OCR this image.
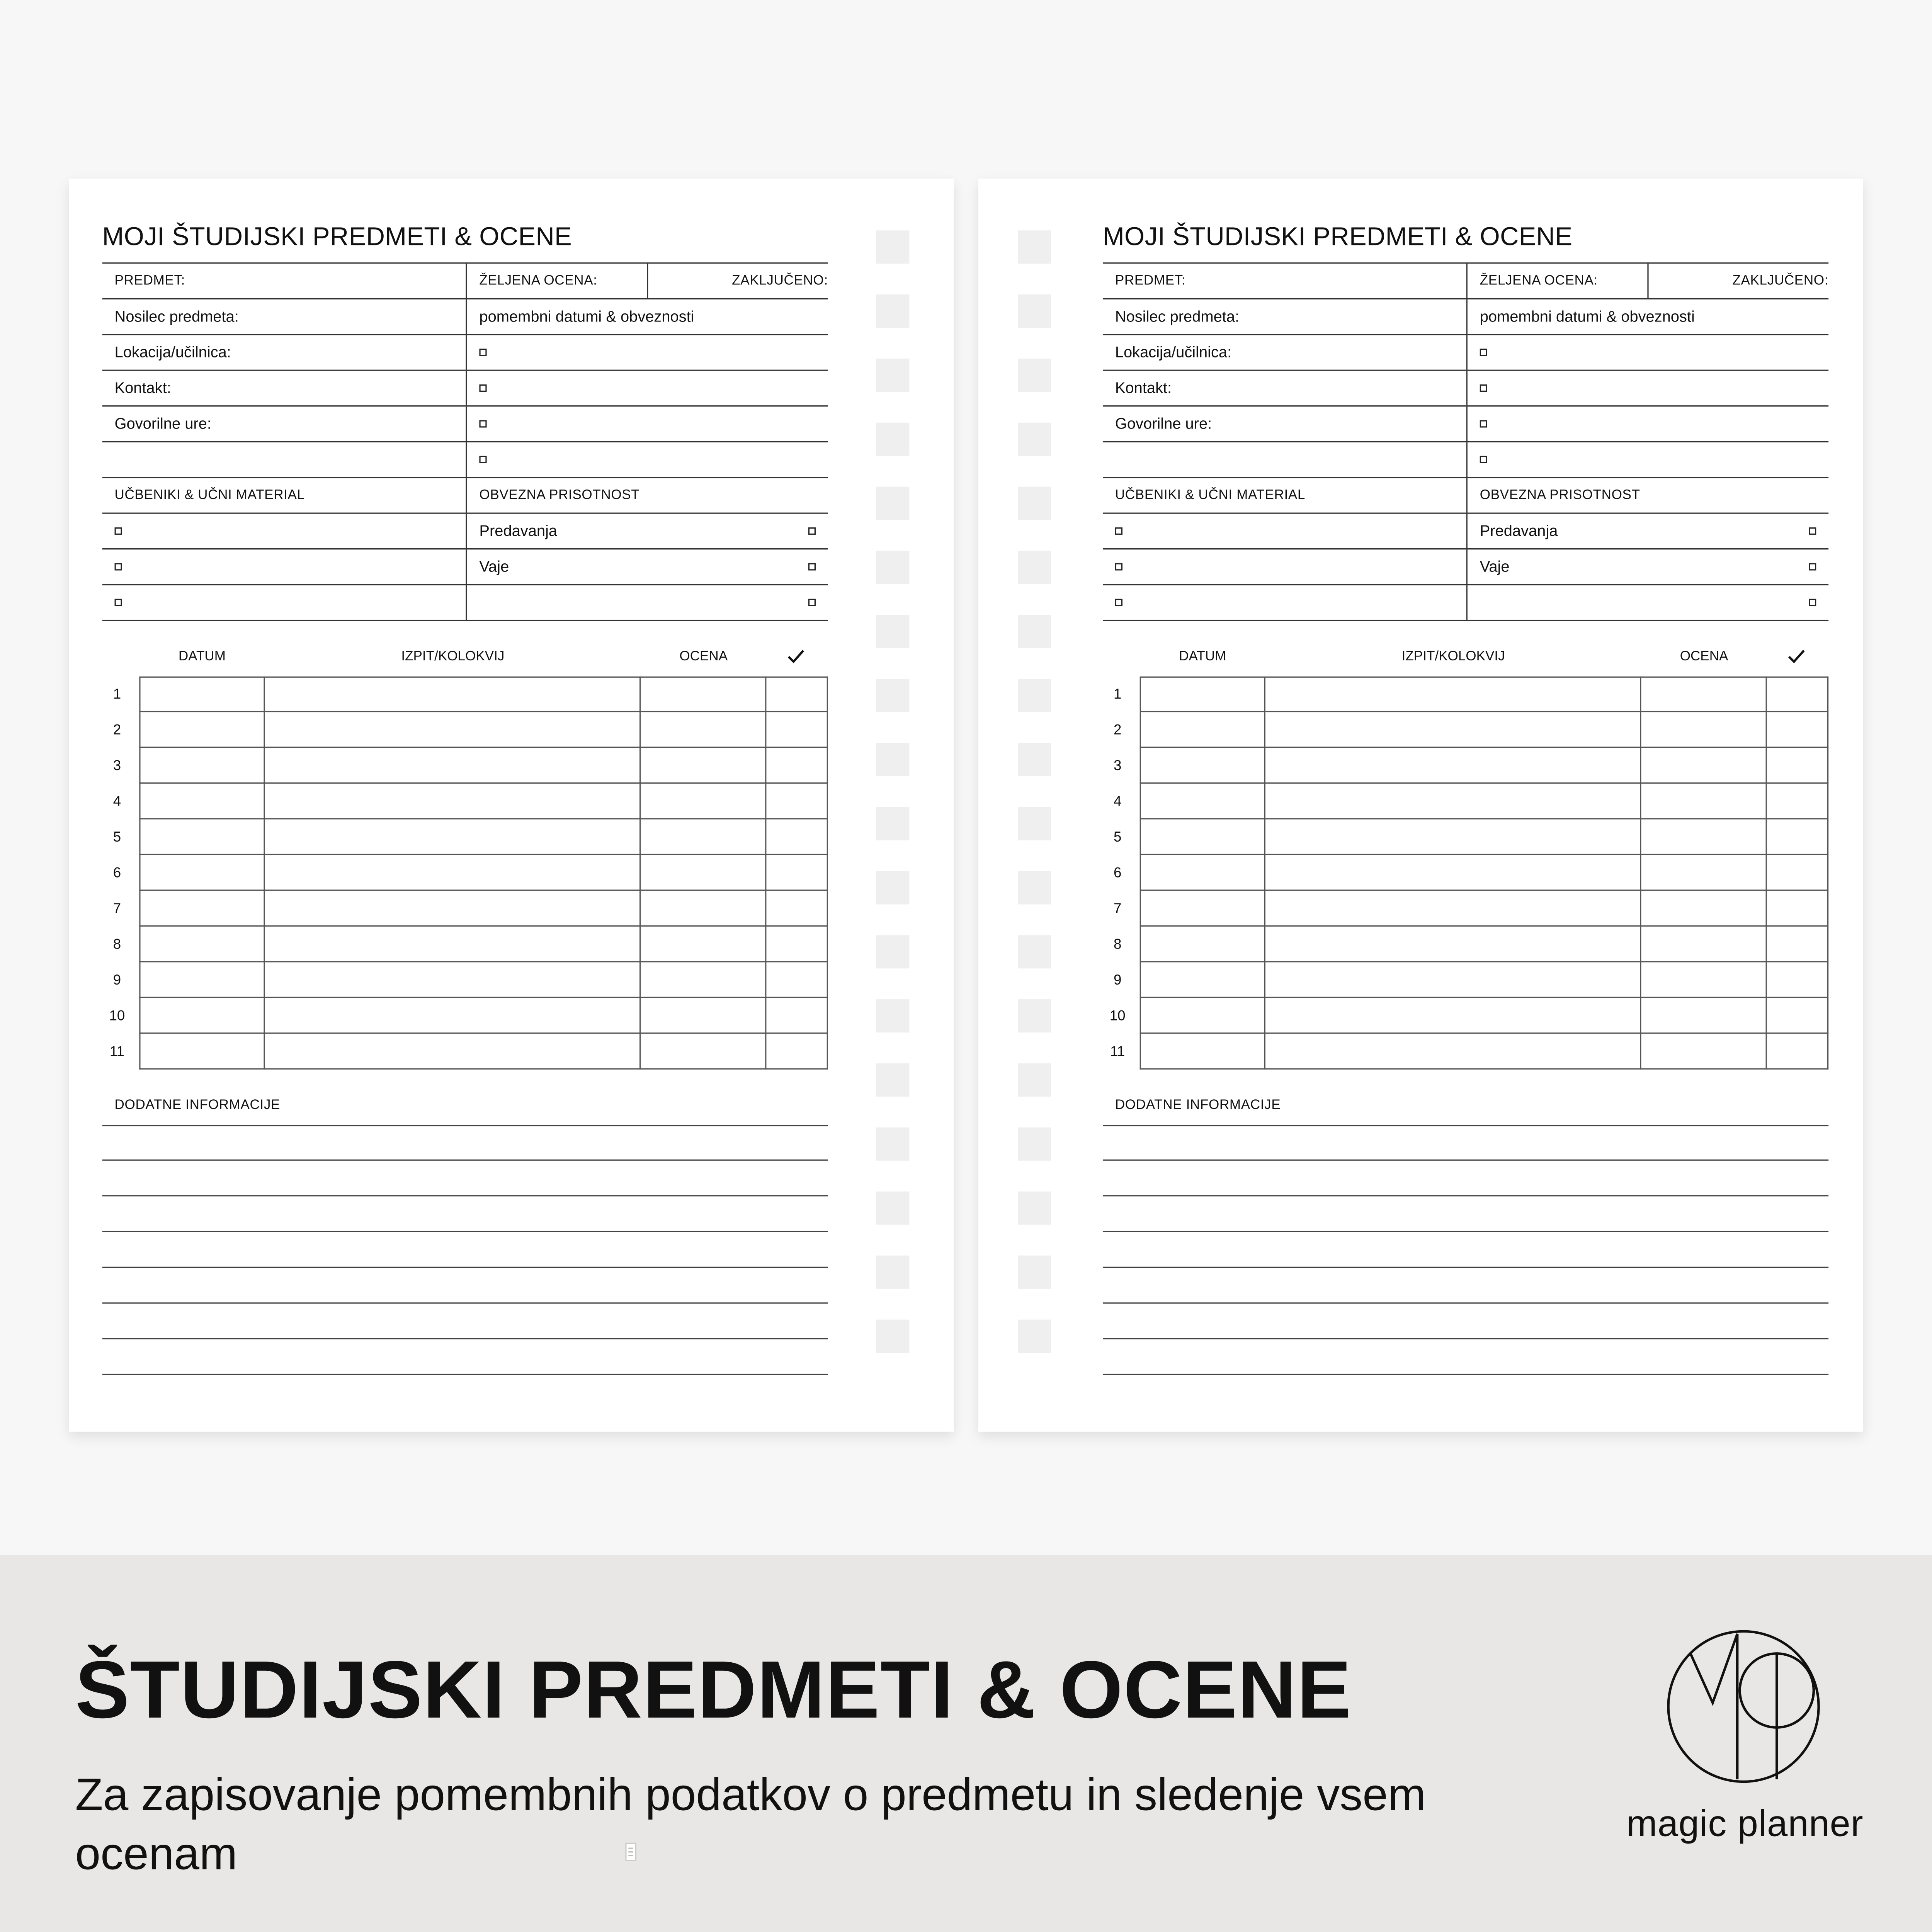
MOJI ŠTUDIJSKI PREDMETI & OCENE
PREDMET:	ŽELJENA OCENA:	ZAKLJUČENO:
Nosilec predmeta:	pomembni datumi & obveznosti
Lokacija/učilnica:
Kontakt:
Govorilne ure:
UČBENIKI & UČNI MATERIAL	OBVEZNA PRISOTNOST
Predavanja
Vaje
DATUM	IZPIT/KOLOKVIJ	OCENA
1
2
3
4
5
6
7
8
9
10
11
DODATNE INFORMACIJE
MOJI ŠTUDIJSKI PREDMETI & OCENE
PREDMET:	ŽELJENA OCENA:	ZAKLJUČENO:
Nosilec predmeta:	pomembni datumi & obveznosti
Lokacija/učilnica:
Kontakt:
Govorilne ure:
UČBENIKI & UČNI MATERIAL	OBVEZNA PRISOTNOST
Predavanja
Vaje
DATUM	IZPIT/KOLOKVIJ	OCENA
1
2
3
4
5
6
7
8
9
10
11
DODATNE INFORMACIJE
ŠTUDIJSKI PREDMETI & OCENE
Za zapisovanje pomembnih podatkov o predmetu in sledenje vsem ocenam
magic planner
